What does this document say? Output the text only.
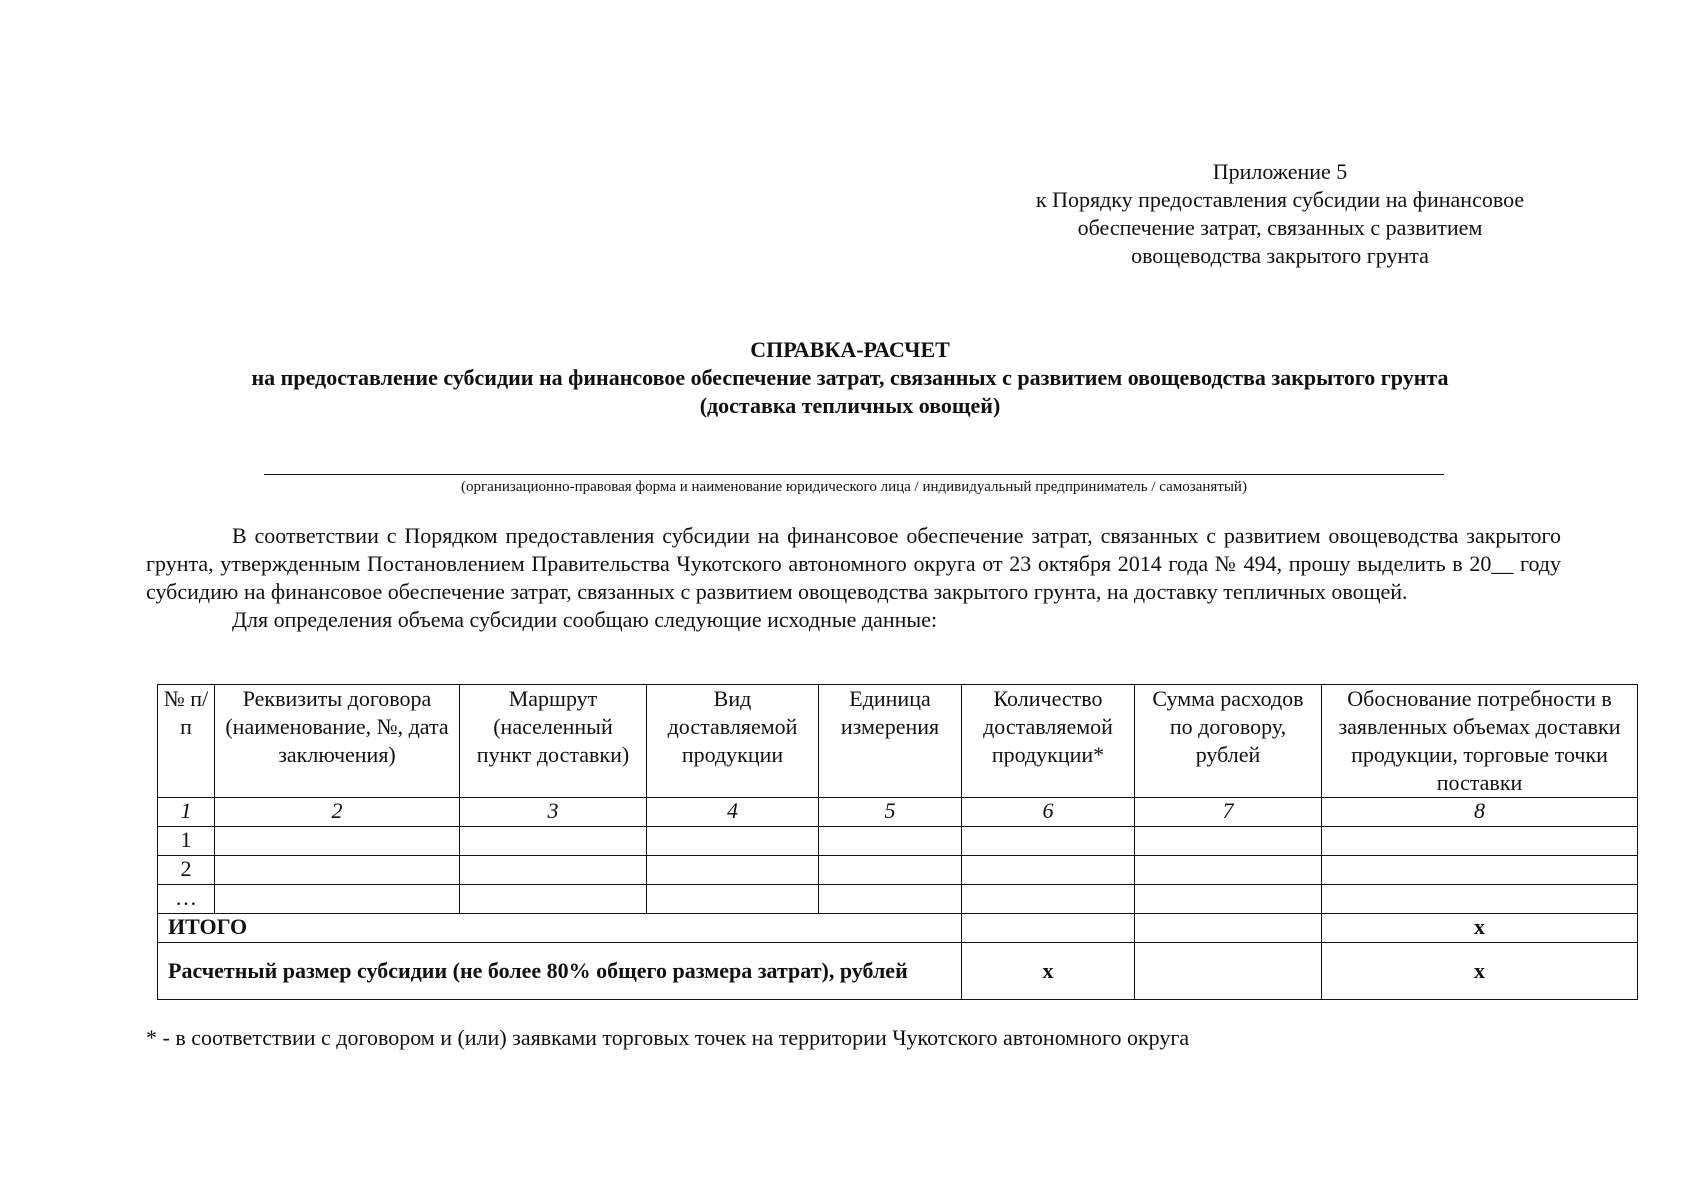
Приложение 5
к Порядку предоставления субсидии на финансовое
обеспечение затрат, связанных с развитием
овощеводства закрытого грунта
СПРАВКА-РАСЧЕТ
на предоставление субсидии на финансовое обеспечение затрат, связанных с развитием овощеводства закрытого грунта
(доставка тепличных овощей)
(организационно-правовая форма и наименование юридического лица / индивидуальный предприниматель / самозанятый)

В соответствии с Порядком предоставления субсидии на финансовое обеспечение затрат, связанных с развитием овощеводства закрытого грунта, утвержденным Постановлением Правительства Чукотского автономного округа от 23 октября 2014 года № 494, прошу выделить в 20__ году субсидию на финансовое обеспечение затрат, связанных с развитием овощеводства закрытого грунта, на доставку тепличных овощей.

Для определения объема субсидии сообщаю следующие исходные данные:

№ п/п	Реквизиты договора (наименование, №, дата заключения)	Маршрут (населенный пункт доставки)	Вид доставляемой продукции	Единица измерения	Количество доставляемой продукции*	Сумма расходов по договору, рублей	Обоснование потребности в заявленных объемах доставки продукции, торговые точки поставки
1	2	3	4	5	6	7	8
1							
2							
…							
ИТОГО							х
Расчетный размер субсидии (не более 80% общего размера затрат), рублей					х		х
* - в соответствии с договором и (или) заявками торговых точек на территории Чукотского автономного округа
